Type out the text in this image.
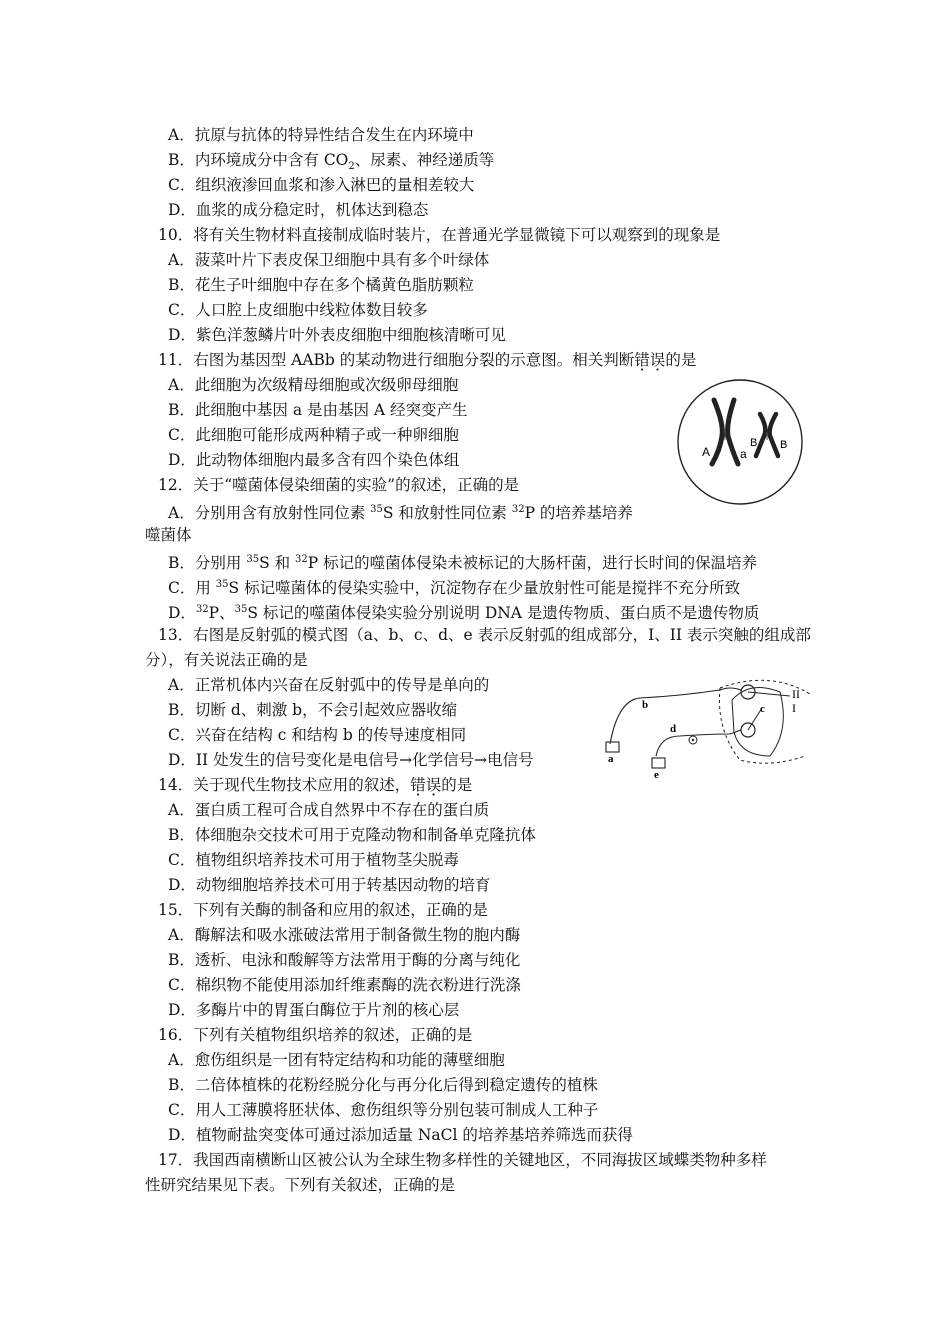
A．抗原与抗体的特异性结合发生在内环境中
B．内环境成分中含有 $CO_2$、尿素、神经递质等
C．组织液渗回血浆和渗入淋巴的量相差较大
D．血浆的成分稳定时，机体达到稳态
10．将有关生物材料直接制成临时装片，在普通光学显微镜下可以观察到的现象是
A．菠菜叶片下表皮保卫细胞中具有多个叶绿体
B．花生子叶细胞中存在多个橘黄色脂肪颗粒
C．人口腔上皮细胞中线粒体数目较多
D．紫色洋葱鳞片叶外表皮细胞中细胞核清晰可见
11．右图为基因型 AABb 的某动物进行细胞分裂的示意图。相关判断错误的是
A．此细胞为次级精母细胞或次级卵母细胞
B．此细胞中基因 a 是由基因 A 经突变产生
C．此细胞可能形成两种精子或一种卵细胞
D．此动物体细胞内最多含有四个染色体组	A a
B B
12．关于“噬菌体侵染细菌的实验”的叙述，正确的是
A．分别用含有放射性同位素 $^{35}$S 和放射性同位素 $^{32}$P 的培养基培养
噬菌体
B．分别用 $^{35}$S 和 $^{32}$P 标记的噬菌体侵染未被标记的大肠杆菌，进行长时间的保温培养
C．用 $^{35}$S 标记噬菌体的侵染实验中，沉淀物存在少量放射性可能是搅拌不充分所致
D．$^{32}$P、$^{35}$S 标记的噬菌体侵染实验分别说明 DNA 是遗传物质、蛋白质不是遗传物质
13．右图是反射弧的模式图（a、b、c、d、e 表示反射弧的组成部分，I、II 表示突触的组成部
分），有关说法正确的是
A．正常机体内兴奋在反射弧中的传导是单向的
B．切断 d、刺激 b，不会引起效应器收缩
C．兴奋在结构 c 和结构 b 的传导速度相同
D．II 处发生的信号变化是电信号→化学信号→电信号	a
b	c
d
e
II
I
14．关于现代生物技术应用的叙述，错误的是
A．蛋白质工程可合成自然界中不存在的蛋白质
B．体细胞杂交技术可用于克隆动物和制备单克隆抗体
C．植物组织培养技术可用于植物茎尖脱毒
D．动物细胞培养技术可用于转基因动物的培育
15．下列有关酶的制备和应用的叙述，正确的是
A．酶解法和吸水涨破法常用于制备微生物的胞内酶
B．透析、电泳和酸解等方法常用于酶的分离与纯化
C．棉织物不能使用添加纤维素酶的洗衣粉进行洗涤
D．多酶片中的胃蛋白酶位于片剂的核心层
16．下列有关植物组织培养的叙述，正确的是
A．愈伤组织是一团有特定结构和功能的薄壁细胞
B．二倍体植株的花粉经脱分化与再分化后得到稳定遗传的植株
C．用人工薄膜将胚状体、愈伤组织等分别包装可制成人工种子
D．植物耐盐突变体可通过添加适量 NaCl 的培养基培养筛选而获得
17．我国西南横断山区被公认为全球生物多样性的关键地区，不同海拔区域蝶类物种多样
性研究结果见下表。下列有关叙述，正确的是
